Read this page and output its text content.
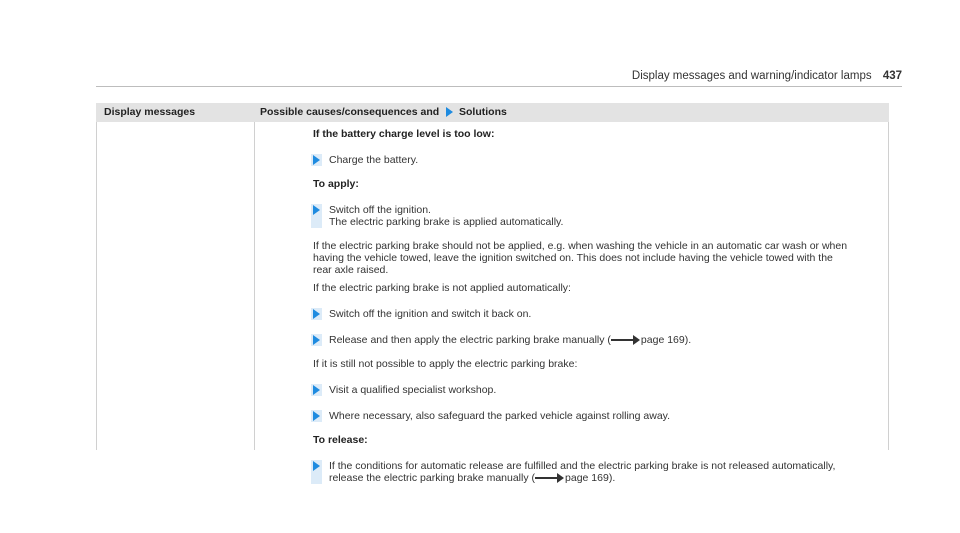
Display messages and warning/indicator lamps 437
Display messages	Possible causes/consequences and Solutions
If the battery charge level is too low:
Charge the battery.
To apply:
Switch off the ignition.
The electric parking brake is applied automatically.
If the electric parking brake should not be applied, e.g. when washing the vehicle in an automatic car wash or when
having the vehicle towed, leave the ignition switched on. This does not include having the vehicle towed with the
rear axle raised.
If the electric parking brake is not applied automatically:
Switch off the ignition and switch it back on.
Release and then apply the electric parking brake manually (	page 169).
If it is still not possible to apply the electric parking brake:
Visit a qualified specialist workshop.
Where necessary, also safeguard the parked vehicle against rolling away.
To release:
If the conditions for automatic release are fulfilled and the electric parking brake is not released automatically,
release the electric parking brake manually (	page 169).
